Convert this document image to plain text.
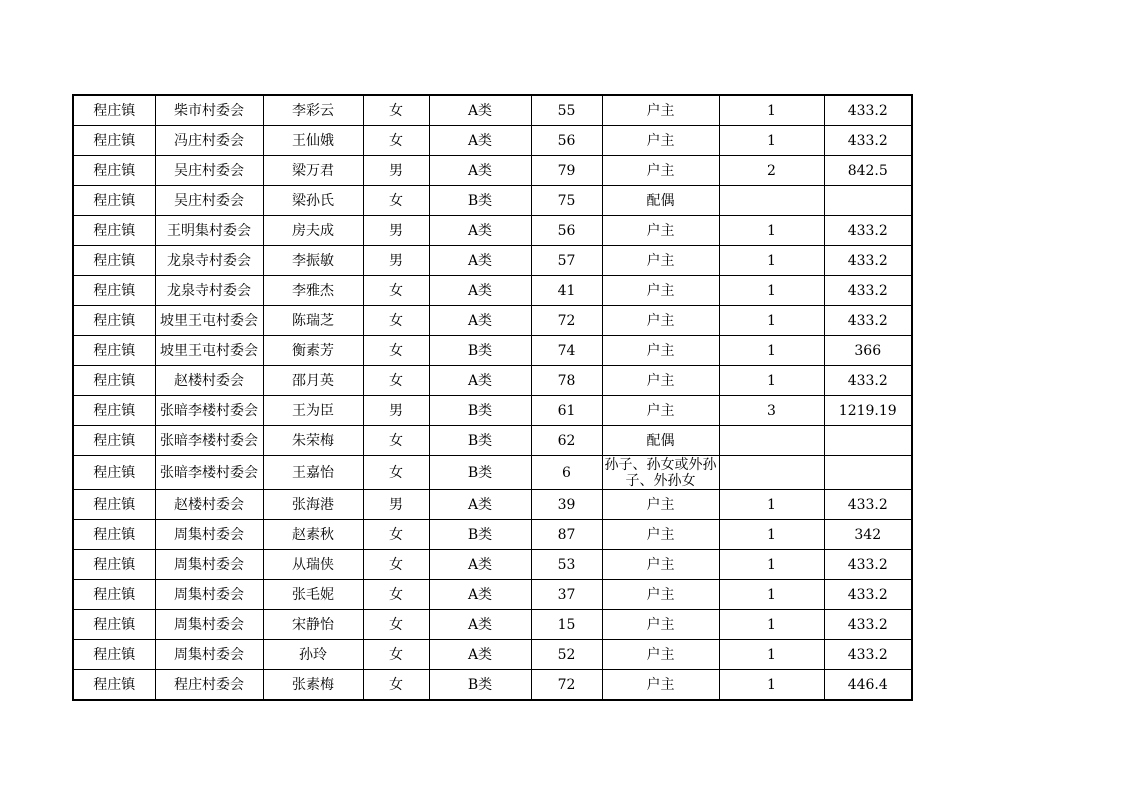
程庄镇	柴市村委会	李彩云	女	A类	55	户主	1	433.2
程庄镇	冯庄村委会	王仙娥	女	A类	56	户主	1	433.2
程庄镇	吴庄村委会	梁万君	男	A类	79	户主	2	842.5
程庄镇	吴庄村委会	梁孙氏	女	B类	75	配偶		
程庄镇	王明集村委会	房夫成	男	A类	56	户主	1	433.2
程庄镇	龙泉寺村委会	李振敏	男	A类	57	户主	1	433.2
程庄镇	龙泉寺村委会	李雅杰	女	A类	41	户主	1	433.2
程庄镇	坡里王屯村委会	陈瑞芝	女	A类	72	户主	1	433.2
程庄镇	坡里王屯村委会	衡素芳	女	B类	74	户主	1	366
程庄镇	赵楼村委会	邵月英	女	A类	78	户主	1	433.2
程庄镇	张暗李楼村委会	王为臣	男	B类	61	户主	3	1219.19
程庄镇	张暗李楼村委会	朱荣梅	女	B类	62	配偶		
程庄镇	张暗李楼村委会	王嘉怡	女	B类	6	孙子、孙女或外孙子、外孙女		
程庄镇	赵楼村委会	张海港	男	A类	39	户主	1	433.2
程庄镇	周集村委会	赵素秋	女	B类	87	户主	1	342
程庄镇	周集村委会	从瑞侠	女	A类	53	户主	1	433.2
程庄镇	周集村委会	张毛妮	女	A类	37	户主	1	433.2
程庄镇	周集村委会	宋静怡	女	A类	15	户主	1	433.2
程庄镇	周集村委会	孙玲	女	A类	52	户主	1	433.2
程庄镇	程庄村委会	张素梅	女	B类	72	户主	1	446.4
